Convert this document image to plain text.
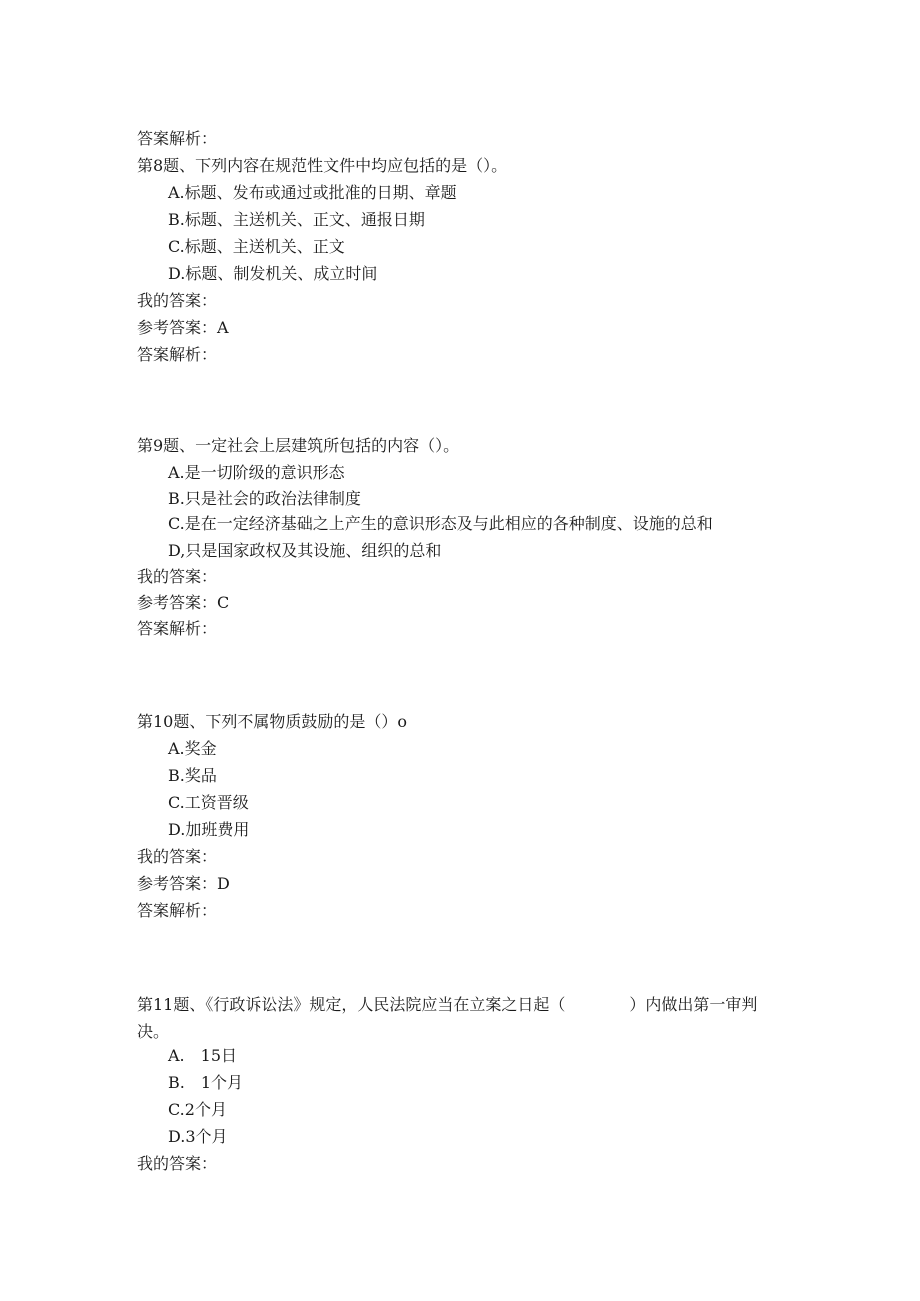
答案解析：

第8题、下列内容在规范性文件中均应包括的是（）。

A.标题、发布或通过或批准的日期、章题

B.标题、主送机关、正文、通报日期

C.标题、主送机关、正文

D.标题、制发机关、成立时间

我的答案：

参考答案：A

答案解析：

第9题、一定社会上层建筑所包括的内容（）。

A.是一切阶级的意识形态

B.只是社会的政治法律制度

C.是在一定经济基础之上产生的意识形态及与此相应的各种制度、设施的总和

D,只是国家政权及其设施、组织的总和

我的答案：

参考答案：C

答案解析：

第10题、下列不属物质鼓励的是（）o

A.奖金

B.奖品

C.工资晋级

D.加班费用

我的答案：

参考答案：D

答案解析：

第11题、《行政诉讼法》规定，人民法院应当在立案之日起（　　　　）内做出第一审判决。

A.　15日

B.　1个月

C.2个月

D.3个月

我的答案：
